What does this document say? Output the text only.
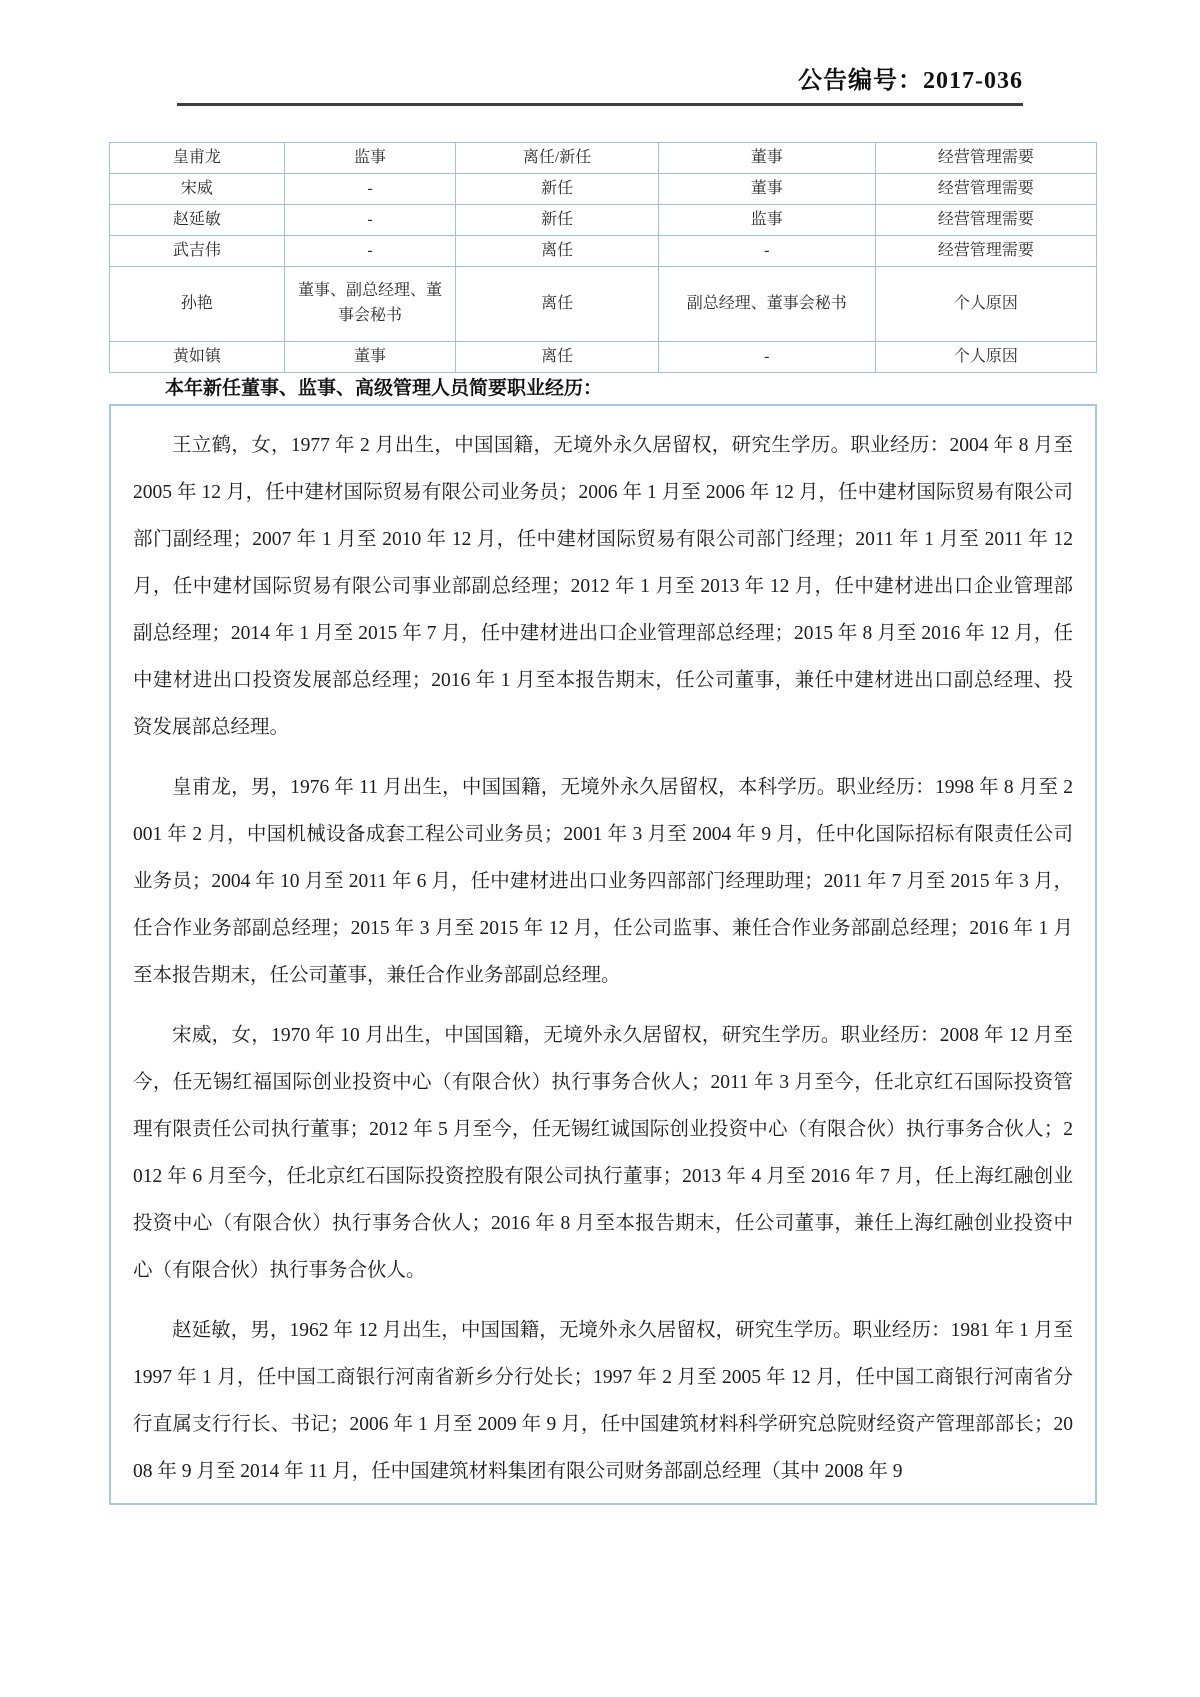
公告编号：2017-036
皇甫龙	监事	离任/新任	董事	经营管理需要
宋威	-	新任	董事	经营管理需要
赵延敏	-	新任	监事	经营管理需要
武吉伟	-	离任	-	经营管理需要
孙艳	董事、副总经理、董事会秘书	离任	副总经理、董事会秘书	个人原因
黄如镇	董事	离任	-	个人原因

本年新任董事、监事、高级管理人员简要职业经历：

王立鹤，女，1977 年 2 月出生，中国国籍，无境外永久居留权，研究生学历。职业经历：2004 年 8 月至 2005 年 12 月，任中建材国际贸易有限公司业务员；2006 年 1 月至 2006 年 12 月，任中建材国际贸易有限公司部门副经理；2007 年 1 月至 2010 年 12 月，任中建材国际贸易有限公司部门经理；2011 年 1 月至 2011 年 12 月，任中建材国际贸易有限公司事业部副总经理；2012 年 1 月至 2013 年 12 月，任中建材进出口企业管理部副总经理；2014 年 1 月至 2015 年 7 月，任中建材进出口企业管理部总经理；2015 年 8 月至 2016 年 12 月，任中建材进出口投资发展部总经理；2016 年 1 月至本报告期末，任公司董事，兼任中建材进出口副总经理、投资发展部总经理。

皇甫龙，男，1976 年 11 月出生，中国国籍，无境外永久居留权，本科学历。职业经历：1998 年 8 月至 2001 年 2 月，中国机械设备成套工程公司业务员；2001 年 3 月至 2004 年 9 月，任中化国际招标有限责任公司业务员；2004 年 10 月至 2011 年 6 月，任中建材进出口业务四部部门经理助理；2011 年 7 月至 2015 年 3 月，任合作业务部副总经理；2015 年 3 月至 2015 年 12 月，任公司监事、兼任合作业务部副总经理；2016 年 1 月至本报告期末，任公司董事，兼任合作业务部副总经理。

宋威，女，1970 年 10 月出生，中国国籍，无境外永久居留权，研究生学历。职业经历：2008 年 12 月至今，任无锡红福国际创业投资中心（有限合伙）执行事务合伙人；2011 年 3 月至今，任北京红石国际投资管理有限责任公司执行董事；2012 年 5 月至今，任无锡红诚国际创业投资中心（有限合伙）执行事务合伙人；2012 年 6 月至今，任北京红石国际投资控股有限公司执行董事；2013 年 4 月至 2016 年 7 月，任上海红融创业投资中心（有限合伙）执行事务合伙人；2016 年 8 月至本报告期末，任公司董事，兼任上海红融创业投资中心（有限合伙）执行事务合伙人。

赵延敏，男，1962 年 12 月出生，中国国籍，无境外永久居留权，研究生学历。职业经历：1981 年 1 月至 1997 年 1 月，任中国工商银行河南省新乡分行处长；1997 年 2 月至 2005 年 12 月，任中国工商银行河南省分行直属支行行长、书记；2006 年 1 月至 2009 年 9 月，任中国建筑材料科学研究总院财经资产管理部部长；2008 年 9 月至 2014 年 11 月，任中国建筑材料集团有限公司财务部副总经理（其中 2008 年 9
